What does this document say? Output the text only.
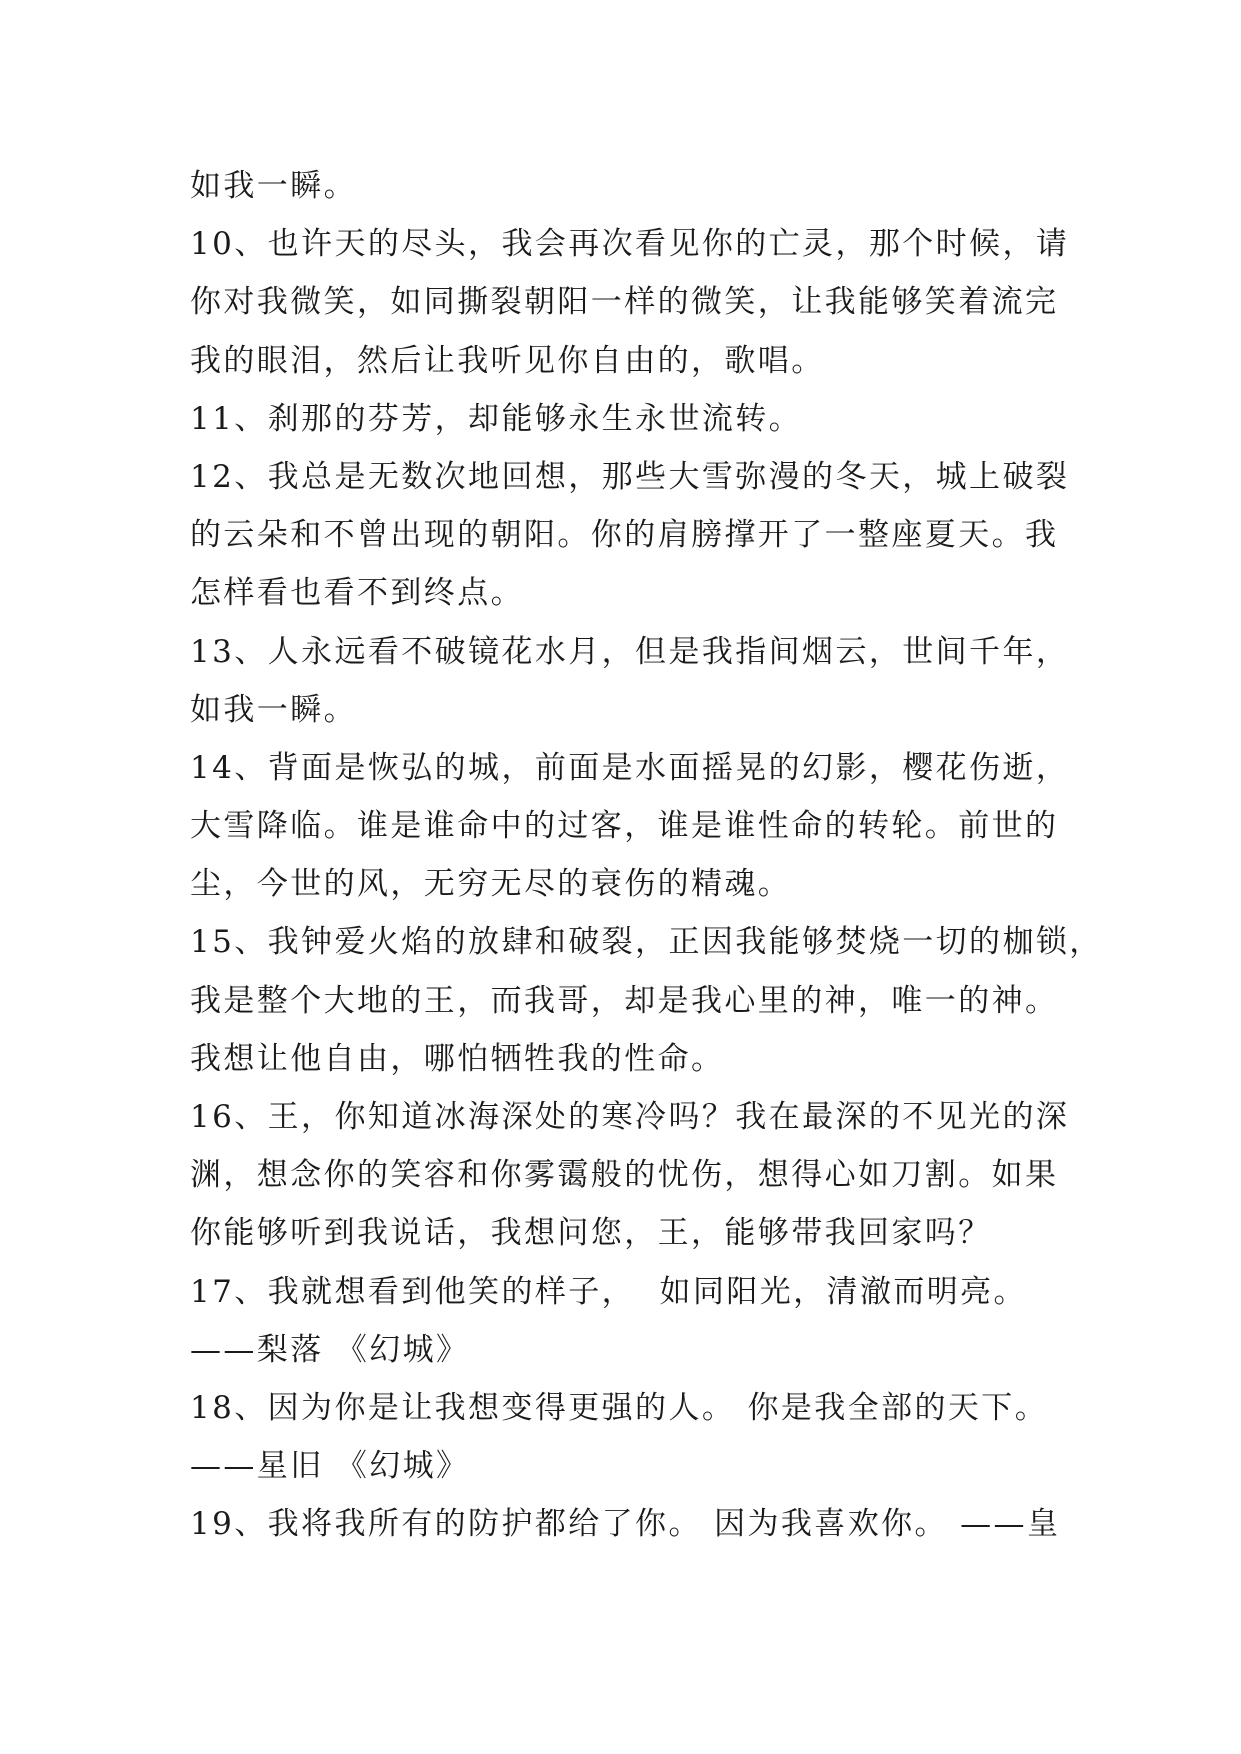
如我一瞬。
10、也许天的尽头，我会再次看见你的亡灵，那个时候，请
你对我微笑，如同撕裂朝阳一样的微笑，让我能够笑着流完
我的眼泪，然后让我听见你自由的，歌唱。
11、刹那的芬芳，却能够永生永世流转。
12、我总是无数次地回想，那些大雪弥漫的冬天，城上破裂
的云朵和不曾出现的朝阳。你的肩膀撑开了一整座夏天。我
怎样看也看不到终点。
13、人永远看不破镜花水月，但是我指间烟云，世间千年，
如我一瞬。
14、背面是恢弘的城，前面是水面摇晃的幻影，樱花伤逝，
大雪降临。谁是谁命中的过客，谁是谁性命的转轮。前世的
尘，今世的风，无穷无尽的衰伤的精魂。
15、我钟爱火焰的放肆和破裂，正因我能够焚烧一切的枷锁，
我是整个大地的王，而我哥，却是我心里的神，唯一的神。
我想让他自由，哪怕牺牲我的性命。
16、王，你知道冰海深处的寒冷吗？我在最深的不见光的深
渊，想念你的笑容和你雾霭般的忧伤，想得心如刀割。如果
你能够听到我说话，我想问您，王，能够带我回家吗？
17、我就想看到他笑的样子，  如同阳光，清澈而明亮。
——梨落 《幻城》
18、因为你是让我想变得更强的人。 你是我全部的天下。
——星旧 《幻城》
19、我将我所有的防护都给了你。 因为我喜欢你。 ——皇
